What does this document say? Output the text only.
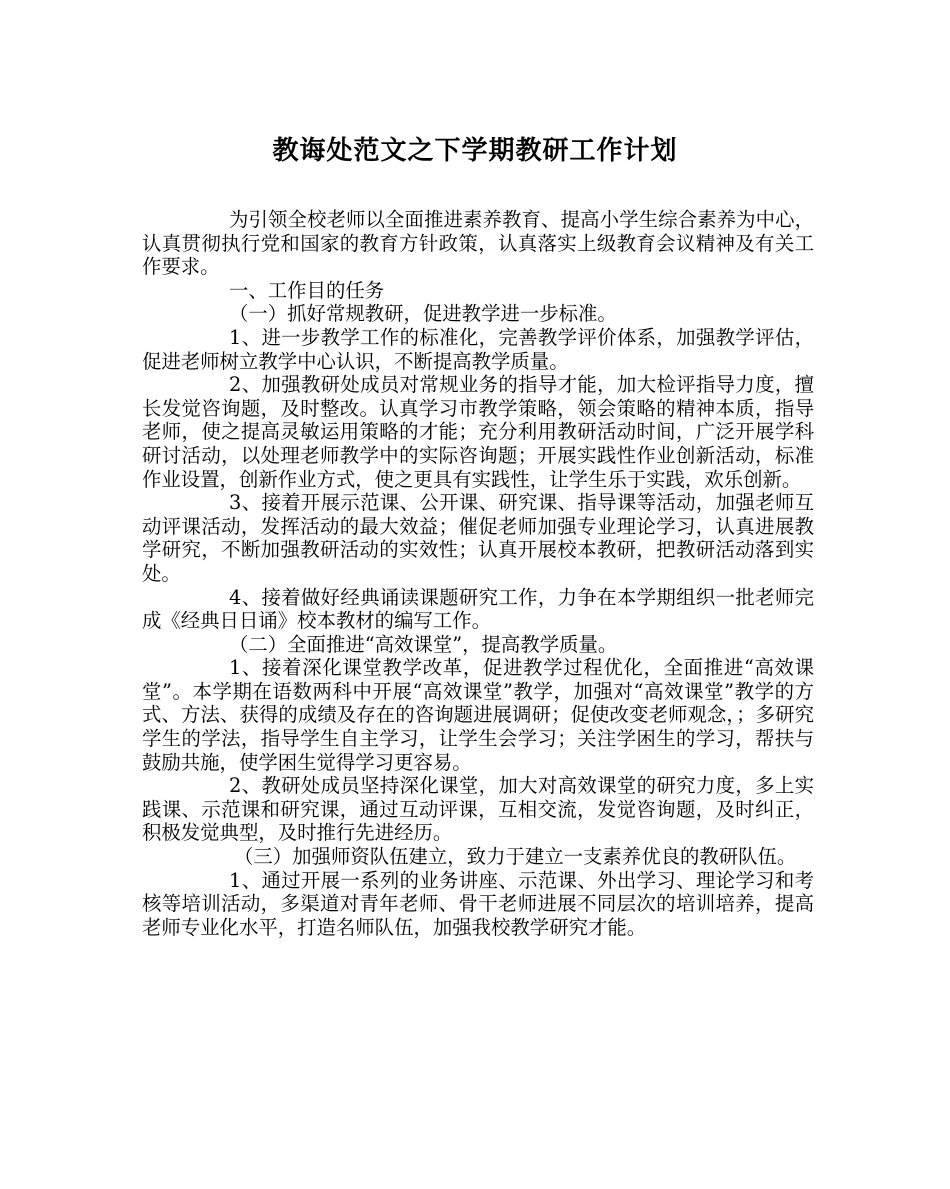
教诲处范文之下学期教研工作计划

为引领全校老师以全面推进素养教育、提高小学生综合素养为中心，认真贯彻执行党和国家的教育方针政策，认真落实上级教育会议精神及有关工作要求。

一、工作目的任务

（一）抓好常规教研，促进教学进一步标准。

1、进一步教学工作的标准化，完善教学评价体系，加强教学评估，促进老师树立教学中心认识，不断提高教学质量。

2、加强教研处成员对常规业务的指导才能，加大检评指导力度，擅长发觉咨询题，及时整改。认真学习市教学策略，领会策略的精神本质，指导老师，使之提高灵敏运用策略的才能；充分利用教研活动时间，广泛开展学科研讨活动，以处理老师教学中的实际咨询题；开展实践性作业创新活动，标准作业设置，创新作业方式，使之更具有实践性，让学生乐于实践，欢乐创新。

3、接着开展示范课、公开课、研究课、指导课等活动，加强老师互动评课活动，发挥活动的最大效益；催促老师加强专业理论学习，认真进展教学研究，不断加强教研活动的实效性；认真开展校本教研，把教研活动落到实处。

4、接着做好经典诵读课题研究工作，力争在本学期组织一批老师完成《经典日日诵》校本教材的编写工作。

（二）全面推进“高效课堂”，提高教学质量。

1、接着深化课堂教学改革，促进教学过程优化，全面推进“高效课堂”。本学期在语数两科中开展“高效课堂”教学，加强对“高效课堂”教学的方式、方法、获得的成绩及存在的咨询题进展调研；促使改变老师观念，；多研究学生的学法，指导学生自主学习，让学生会学习；关注学困生的学习，帮扶与鼓励共施，使学困生觉得学习更容易。

2、教研处成员坚持深化课堂，加大对高效课堂的研究力度，多上实践课、示范课和研究课，通过互动评课，互相交流，发觉咨询题，及时纠正，积极发觉典型，及时推行先进经历。

（三）加强师资队伍建立，致力于建立一支素养优良的教研队伍。

1、通过开展一系列的业务讲座、示范课、外出学习、理论学习和考核等培训活动，多渠道对青年老师、骨干老师进展不同层次的培训培养，提高老师专业化水平，打造名师队伍，加强我校教学研究才能。
